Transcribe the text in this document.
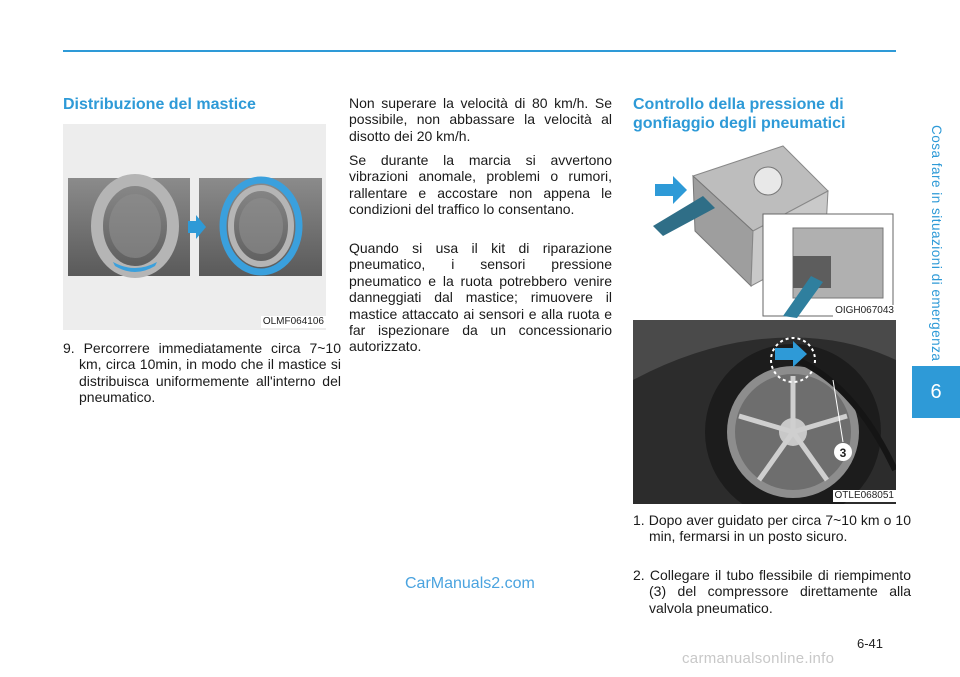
Cosa fare in situazioni di emergenza
6
Distribuzione del mastice
OLMF064106
9. Percorrere immediatamente circa 7~10 km, circa 10min, in modo che il mastice si distribuisca uniformemente all'interno del pneumatico.

Non superare la velocità di 80 km/h. Se possibile, non abbassare la velocità al disotto dei 20 km/h.

Se durante la marcia si avvertono vibrazioni anomale, problemi o rumori, rallentare e accostare non appena le condizioni del traffico lo consentano.

Quando si usa il kit di riparazione pneumatico, i sensori pressione pneumatico e la ruota potrebbero venire danneggiati dal mastice; rimuovere il mastice attaccato ai sensori e alla ruota e far ispezionare da un concessionario autorizzato.

Controllo della pressione di
gonfiaggio degli pneumatici
OIGH067043
3
OTLE068051
1. Dopo aver guidato per circa 7~10 km o 10 min, fermarsi in un posto sicuro.
2. Collegare il tubo flessibile di riempimento (3) del compressore direttamente alla valvola pneumatico.
CarManuals2.com
6-41
carmanualsonline.info
